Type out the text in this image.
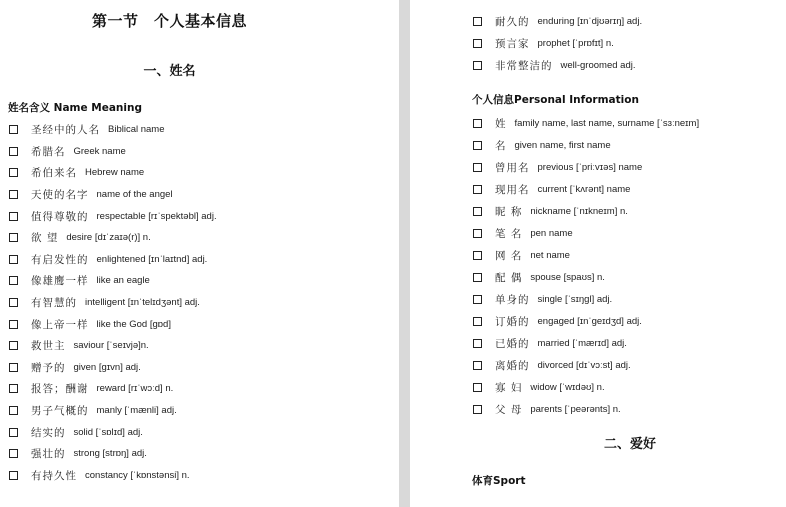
第一节　个人基本信息
一、姓名
姓名含义 Name Meaning
圣经中的人名 Biblical name
希腊名 Greek name
希伯来名 Hebrew name
天使的名字 name of the angel
值得尊敬的 respectable [rɪˈspektəbl] adj.
欲 望 desire [dɪˈzaɪə(r)] n.
有启发性的 enlightened [ɪnˈlaɪtnd] adj.
像雄鹰一样 like an eagle
有智慧的 intelligent [ɪnˈtelɪdʒənt] adj.
像上帝一样 like the God [ɡɒd]
救世主 saviour [ˈseɪvjə]n.
赠予的 given [ɡɪvn] adj.
报答；酬谢 reward [rɪˈwɔːd] n.
男子气概的 manly [ˈmænli] adj.
结实的 solid [ˈsɒlɪd] adj.
强壮的 strong [strɒŋ] adj.
有持久性 constancy [ˈkɒnstənsi] n.
耐久的 enduring [ɪnˈdjʊərɪŋ] adj.
预言家 prophet [ˈprɒfɪt] n.
非常整洁的 well-groomed adj.
个人信息Personal Information
姓 family name, last name, surname [ˈsɜːneɪm]
名 given name, first name
曾用名 previous [ˈpriːvɪəs] name
现用名 current [ˈkʌrənt] name
昵 称 nickname [ˈnɪkneɪm] n.
笔 名 pen name
网 名 net name
配 偶 spouse [spaʊs] n.
单身的 single [ˈsɪŋɡl] adj.
订婚的 engaged [ɪnˈɡeɪdʒd] adj.
已婚的 married [ˈmærɪd] adj.
离婚的 divorced [dɪˈvɔːst] adj.
寡 妇 widow [ˈwɪdəʊ] n.
父 母 parents [ˈpeərənts] n.
二、爱好
体育Sport
